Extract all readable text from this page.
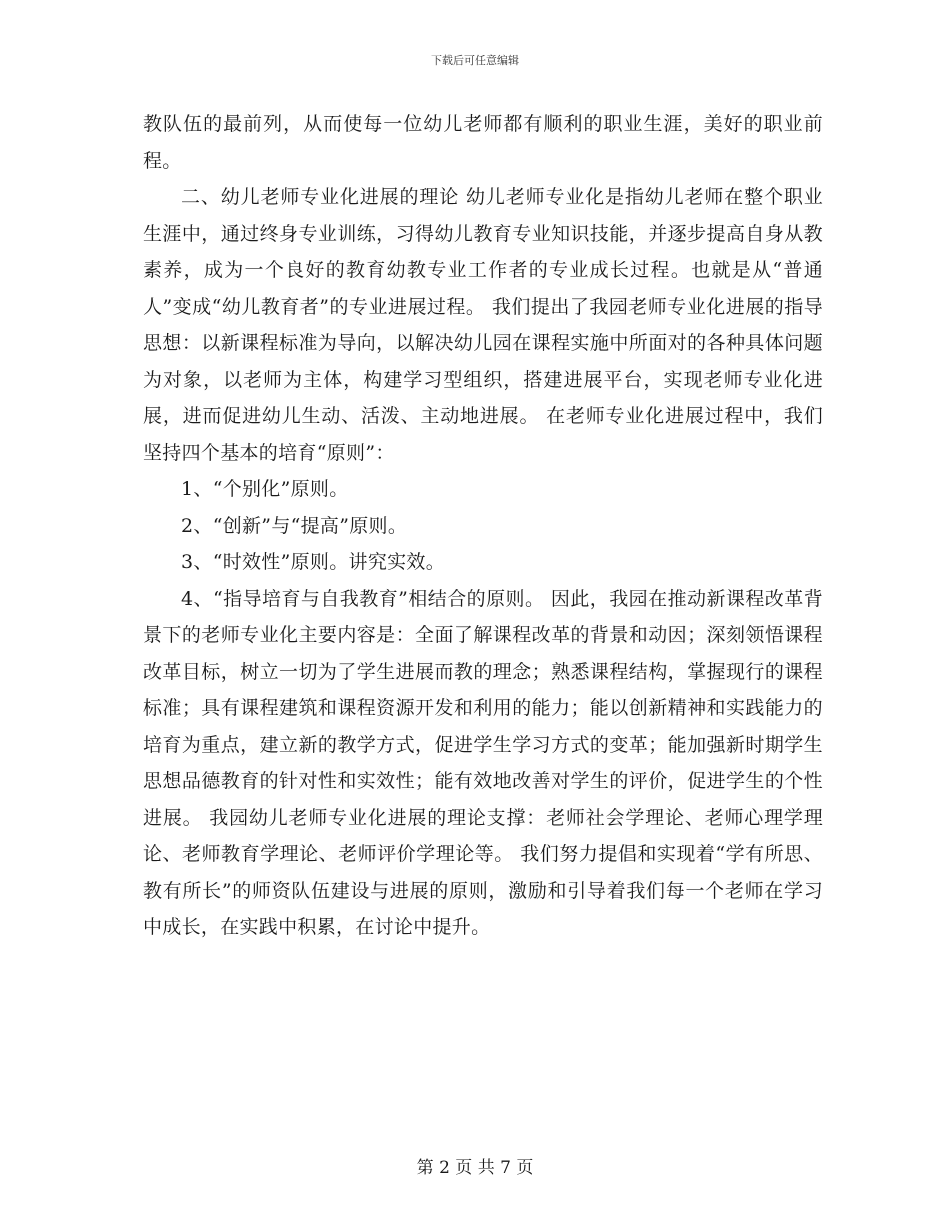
下载后可任意编辑

教队伍的最前列，从而使每一位幼儿老师都有顺利的职业生涯，美好的职业前程。

二、幼儿老师专业化进展的理论 幼儿老师专业化是指幼儿老师在整个职业生涯中，通过终身专业训练，习得幼儿教育专业知识技能，并逐步提高自身从教素养，成为一个良好的教育幼教专业工作者的专业成长过程。也就是从“普通人”变成“幼儿教育者”的专业进展过程。 我们提出了我园老师专业化进展的指导思想：以新课程标准为导向，以解决幼儿园在课程实施中所面对的各种具体问题为对象，以老师为主体，构建学习型组织，搭建进展平台，实现老师专业化进展，进而促进幼儿生动、活泼、主动地进展。 在老师专业化进展过程中，我们坚持四个基本的培育“原则”：

1、“个别化”原则。

2、“创新”与“提高”原则。

3、“时效性”原则。讲究实效。

4、“指导培育与自我教育”相结合的原则。 因此，我园在推动新课程改革背景下的老师专业化主要内容是：全面了解课程改革的背景和动因；深刻领悟课程改革目标，树立一切为了学生进展而教的理念；熟悉课程结构，掌握现行的课程标准；具有课程建筑和课程资源开发和利用的能力；能以创新精神和实践能力的培育为重点，建立新的教学方式，促进学生学习方式的变革；能加强新时期学生思想品德教育的针对性和实效性；能有效地改善对学生的评价，促进学生的个性进展。 我园幼儿老师专业化进展的理论支撑：老师社会学理论、老师心理学理论、老师教育学理论、老师评价学理论等。 我们努力提倡和实现着“学有所思、教有所长”的师资队伍建设与进展的原则，激励和引导着我们每一个老师在学习中成长，在实践中积累，在讨论中提升。

第 2 页 共 7 页
